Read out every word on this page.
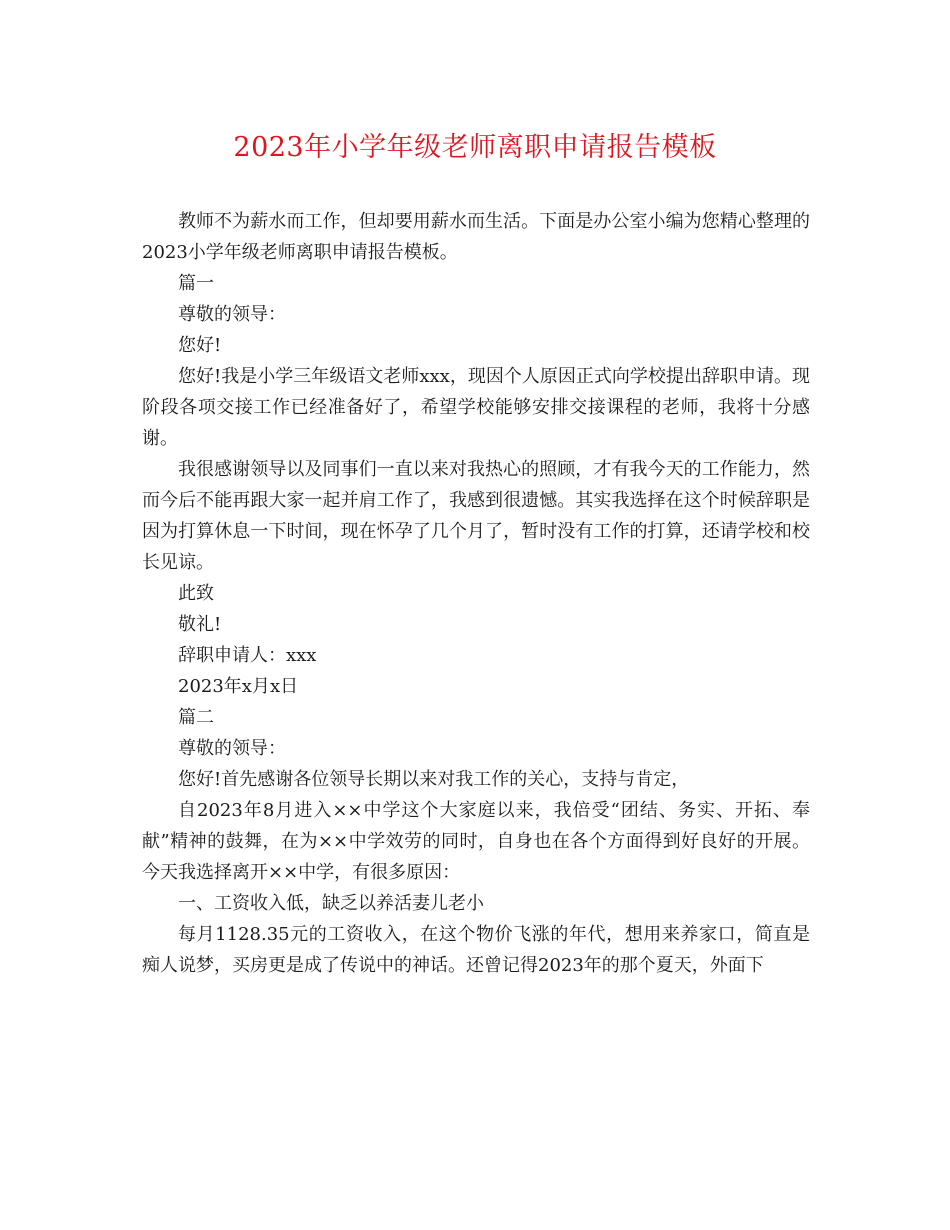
2023年小学年级老师离职申请报告模板

教师不为薪水而工作，但却要用薪水而生活。下面是办公室小编为您精心整理的2023小学年级老师离职申请报告模板。

篇一

尊敬的领导：

您好!

您好!我是小学三年级语文老师xxx，现因个人原因正式向学校提出辞职申请。现阶段各项交接工作已经准备好了，希望学校能够安排交接课程的老师，我将十分感谢。

我很感谢领导以及同事们一直以来对我热心的照顾，才有我今天的工作能力，然而今后不能再跟大家一起并肩工作了，我感到很遗憾。其实我选择在这个时候辞职是因为打算休息一下时间，现在怀孕了几个月了，暂时没有工作的打算，还请学校和校长见谅。

此致

敬礼!

辞职申请人：xxx

2023年x月x日

篇二

尊敬的领导：

您好!首先感谢各位领导长期以来对我工作的关心，支持与肯定，

自2023年8月进入××中学这个大家庭以来，我倍受“团结、务实、开拓、奉献”精神的鼓舞，在为××中学效劳的同时，自身也在各个方面得到好良好的开展。今天我选择离开××中学，有很多原因：

一、工资收入低，缺乏以养活妻儿老小

每月1128.35元的工资收入，在这个物价飞涨的年代，想用来养家口，简直是痴人说梦，买房更是成了传说中的神话。还曾记得2023年的那个夏天，外面下
